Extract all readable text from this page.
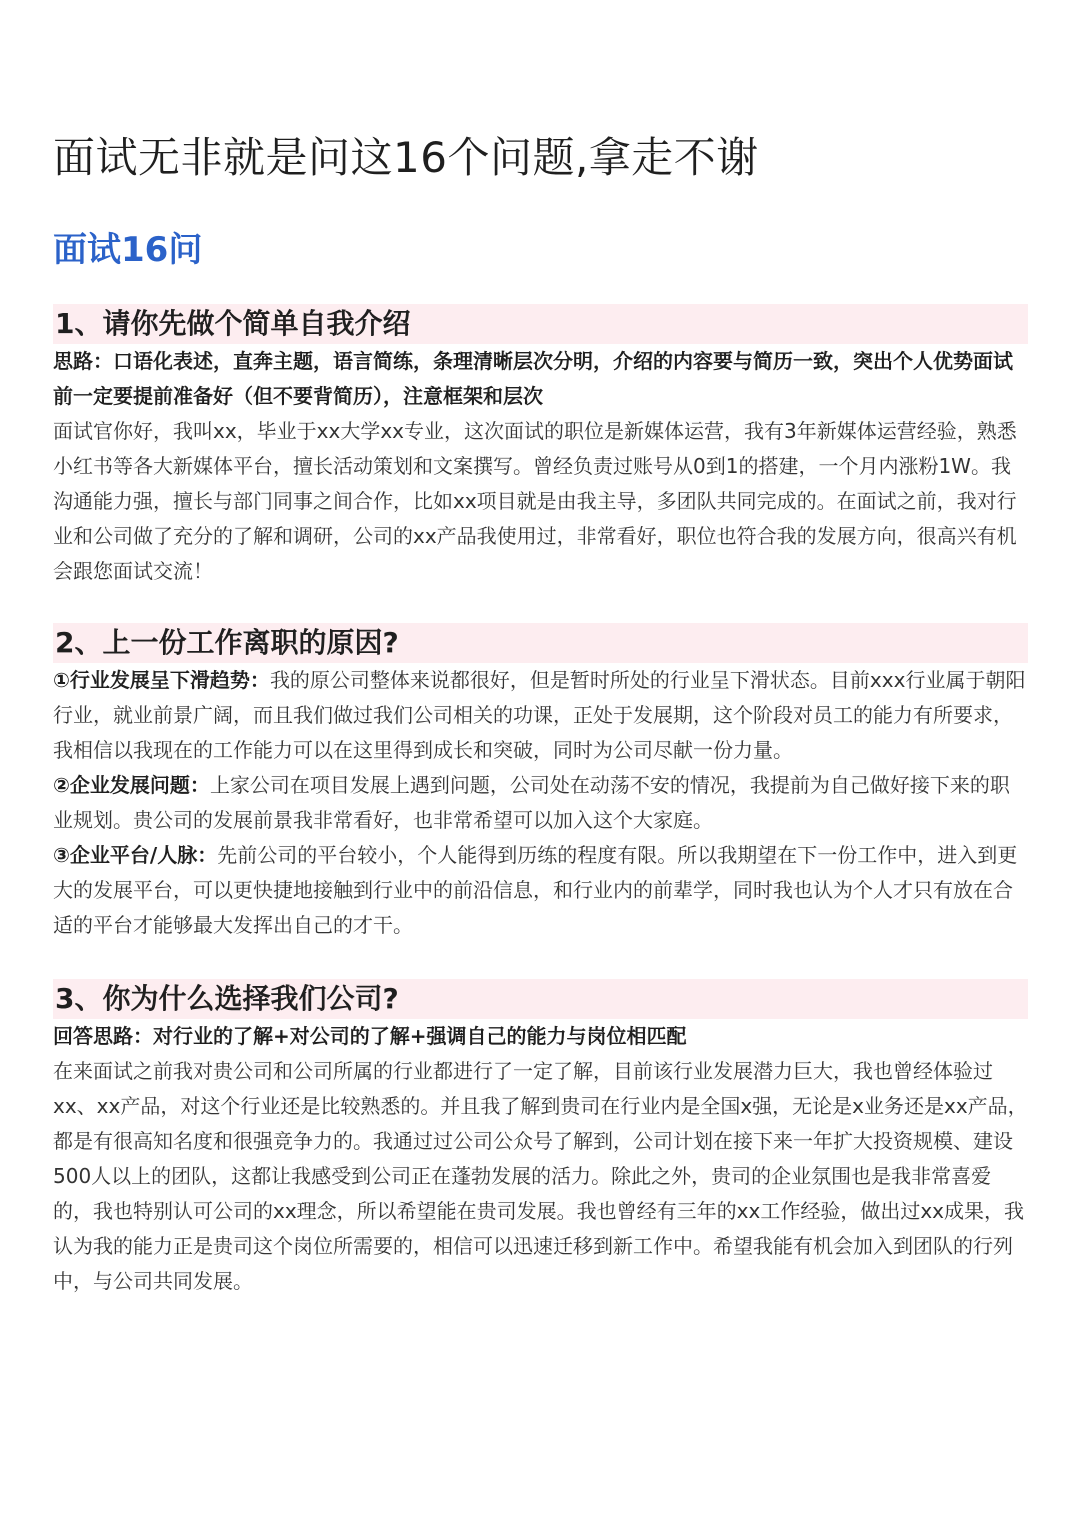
面试无非就是问这16个问题,拿走不谢
面试16问
1、请你先做个简单自我介绍

思路：口语化表述，直奔主题，语言简练，条理清晰层次分明，介绍的内容要与简历一致，突出个人优势面试前一定要提前准备好（但不要背简历），注意框架和层次

面试官你好，我叫xx，毕业于xx大学xx专业，这次面试的职位是新媒体运营，我有3年新媒体运营经验，熟悉小红书等各大新媒体平台，擅长活动策划和文案撰写。曾经负责过账号从0到1的搭建，一个月内涨粉1W。我沟通能力强，擅长与部门同事之间合作，比如xx项目就是由我主导，多团队共同完成的。在面试之前，我对行业和公司做了充分的了解和调研，公司的xx产品我使用过，非常看好，职位也符合我的发展方向，很高兴有机会跟您面试交流！

2、上一份工作离职的原因?

①行业发展呈下滑趋势：我的原公司整体来说都很好，但是暂时所处的行业呈下滑状态。目前xxx行业属于朝阳行业，就业前景广阔，而且我们做过我们公司相关的功课，正处于发展期，这个阶段对员工的能力有所要求，我相信以我现在的工作能力可以在这里得到成长和突破，同时为公司尽献一份力量。

②企业发展问题：上家公司在项目发展上遇到问题，公司处在动荡不安的情况，我提前为自己做好接下来的职业规划。贵公司的发展前景我非常看好，也非常希望可以加入这个大家庭。

③企业平台/人脉：先前公司的平台较小，个人能得到历练的程度有限。所以我期望在下一份工作中，进入到更大的发展平台，可以更快捷地接触到行业中的前沿信息，和行业内的前辈学，同时我也认为个人才只有放在合适的平台才能够最大发挥出自己的才干。

3、你为什么选择我们公司?

回答思路：对行业的了解+对公司的了解+强调自己的能力与岗位相匹配

在来面试之前我对贵公司和公司所属的行业都进行了一定了解，目前该行业发展潜力巨大，我也曾经体验过xx、xx产品，对这个行业还是比较熟悉的。并且我了解到贵司在行业内是全国x强，无论是x业务还是xx产品，都是有很高知名度和很强竞争力的。我通过过公司公众号了解到，公司计划在接下来一年扩大投资规模、建设500人以上的团队，这都让我感受到公司正在蓬勃发展的活力。除此之外，贵司的企业氛围也是我非常喜爱的，我也特别认可公司的xx理念，所以希望能在贵司发展。我也曾经有三年的xx工作经验，做出过xx成果，我认为我的能力正是贵司这个岗位所需要的，相信可以迅速迁移到新工作中。希望我能有机会加入到团队的行列中，与公司共同发展。
